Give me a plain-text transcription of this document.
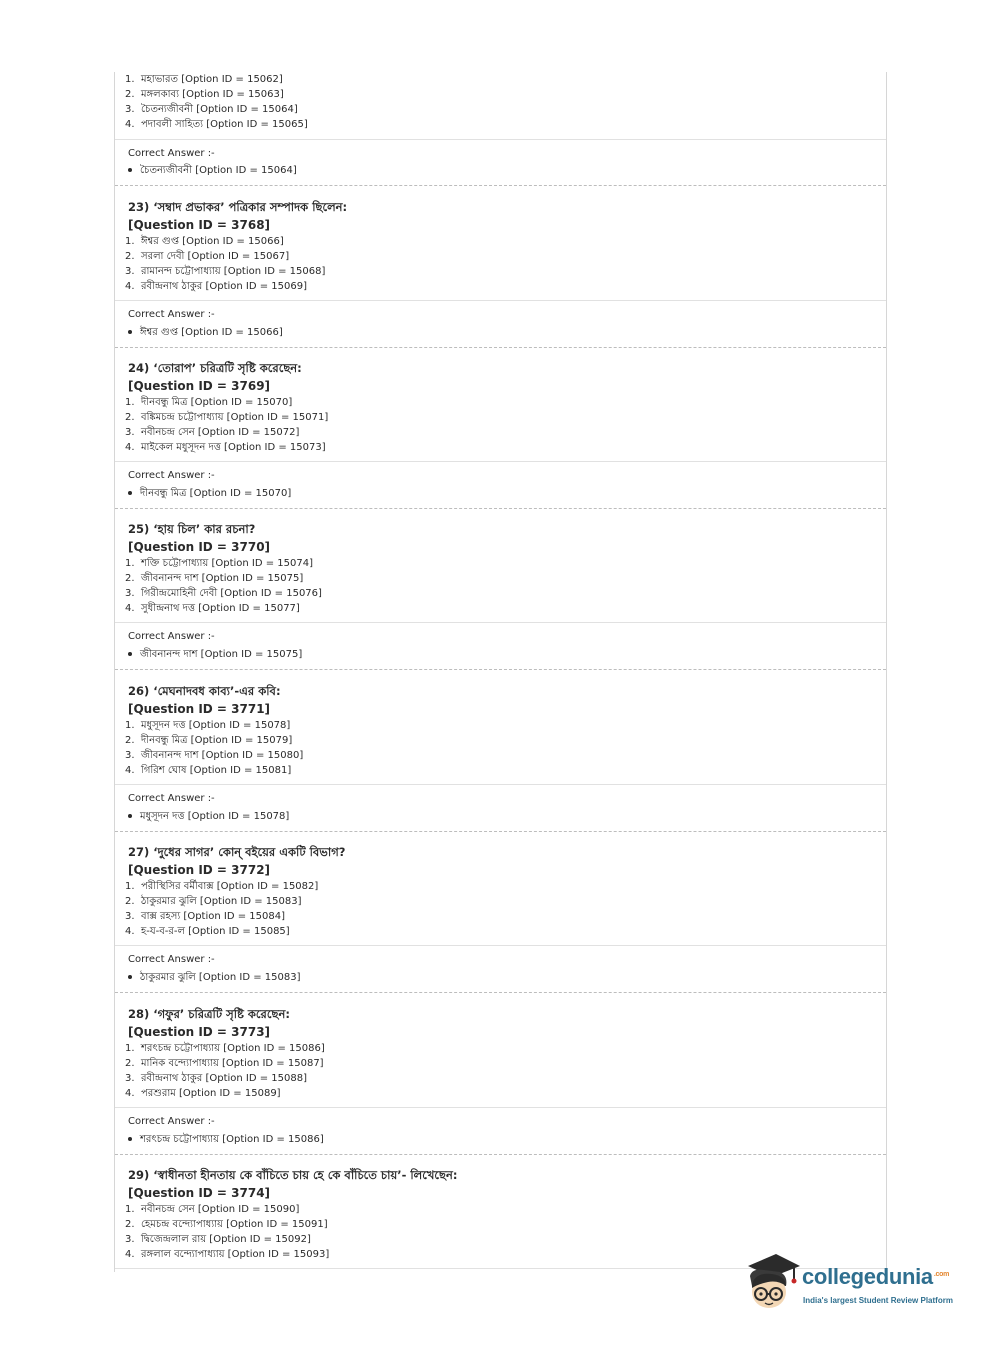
1. মহাভারত [Option ID = 15062]
2. মঙ্গলকাব্য [Option ID = 15063]
3. চৈতন্যজীবনী [Option ID = 15064]
4. পদাবলী সাহিত্য [Option ID = 15065]
Correct Answer :-
চৈতন্যজীবনী [Option ID = 15064]
23) ‘সম্বাদ প্রভাকর’ পত্রিকার সম্পাদক ছিলেন:
[Question ID = 3768]
1. ঈশ্বর গুপ্ত [Option ID = 15066]
2. সরলা দেবী [Option ID = 15067]
3. রামানন্দ চট্টোপাধ্যায় [Option ID = 15068]
4. রবীন্দ্রনাথ ঠাকুর [Option ID = 15069]
Correct Answer :-
ঈশ্বর গুপ্ত [Option ID = 15066]
24) ‘তোরাপ’ চরিত্রটি সৃষ্টি করেছেন:
[Question ID = 3769]
1. দীনবন্ধু মিত্র [Option ID = 15070]
2. বঙ্কিমচন্দ্র চট্টোপাধ্যায় [Option ID = 15071]
3. নবীনচন্দ্র সেন [Option ID = 15072]
4. মাইকেল মধুসূদন দত্ত [Option ID = 15073]
Correct Answer :-
দীনবন্ধু মিত্র [Option ID = 15070]
25) ‘হায় চিল’ কার রচনা?
[Question ID = 3770]
1. শক্তি চট্টোপাধ্যায় [Option ID = 15074]
2. জীবনানন্দ দাশ [Option ID = 15075]
3. গিরীন্দ্রমোহিনী দেবী [Option ID = 15076]
4. সুধীন্দ্রনাথ দত্ত [Option ID = 15077]
Correct Answer :-
জীবনানন্দ দাশ [Option ID = 15075]
26) ‘মেঘনাদবধ কাব্য’-এর কবি:
[Question ID = 3771]
1. মধুসূদন দত্ত [Option ID = 15078]
2. দীনবন্ধু মিত্র [Option ID = 15079]
3. জীবনানন্দ দাশ [Option ID = 15080]
4. গিরিশ ঘোষ [Option ID = 15081]
Correct Answer :-
মধুসূদন দত্ত [Option ID = 15078]
27) ‘দুধের সাগর’ কোন্ বইয়ের একটি বিভাগ?
[Question ID = 3772]
1. পরীস্থিসির বর্মীবাক্স [Option ID = 15082]
2. ঠাকুরমার ঝুলি [Option ID = 15083]
3. বাক্স রহস্য [Option ID = 15084]
4. হ-য-ব-র-ল [Option ID = 15085]
Correct Answer :-
ঠাকুরমার ঝুলি [Option ID = 15083]
28) ‘গফুর’ চরিত্রটি সৃষ্টি করেছেন:
[Question ID = 3773]
1. শরৎচন্দ্র চট্টোপাধ্যায় [Option ID = 15086]
2. মানিক বন্দ্যোপাধ্যায় [Option ID = 15087]
3. রবীন্দ্রনাথ ঠাকুর [Option ID = 15088]
4. পরশুরাম [Option ID = 15089]
Correct Answer :-
শরৎচন্দ্র চট্টোপাধ্যায় [Option ID = 15086]
29) ‘স্বাধীনতা হীনতায় কে বাঁচিতে চায় হে কে বাঁচিতে চায়’- লিখেছেন:
[Question ID = 3774]
1. নবীনচন্দ্র সেন [Option ID = 15090]
2. হেমচন্দ্র বন্দ্যোপাধ্যায় [Option ID = 15091]
3. দ্বিজেন্দ্রলাল রায় [Option ID = 15092]
4. রঙ্গলাল বন্দ্যোপাধ্যায় [Option ID = 15093]
collegedunia$^{.com}$
India's largest Student Review Platform
